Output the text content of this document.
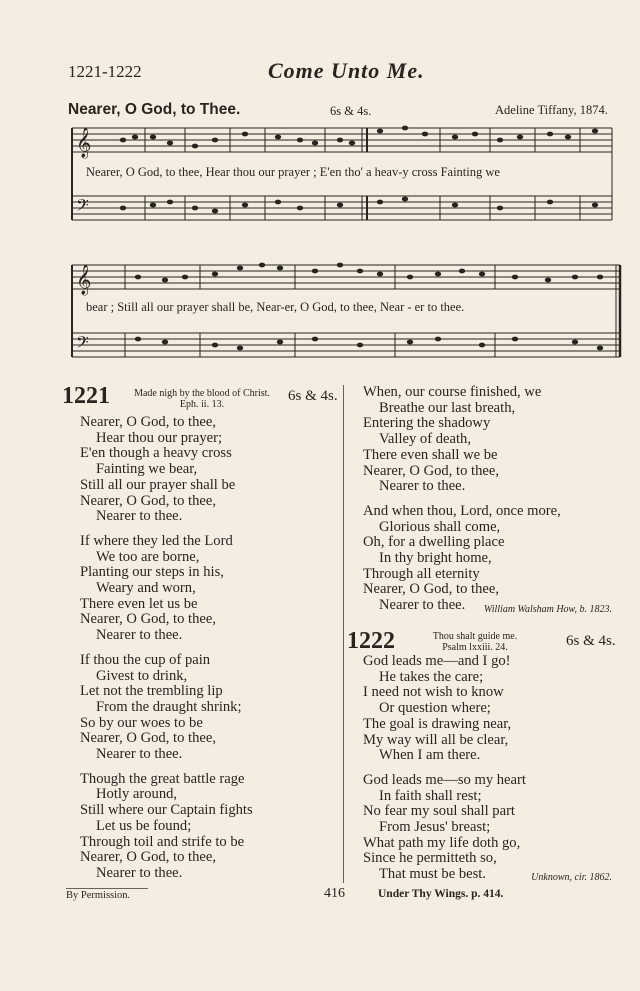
1221-1222	Come Unto Me.
Nearer, O God, to Thee.	6s & 4s.	Adeline Tiffany, 1874.
𝄞
𝄢
Nearer, O God, to thee, Hear thou our prayer ; E'en tho' a heav-y cross Fainting we
𝄞
𝄢
bear ; Still all our prayer shall be, Near-er, O God, to thee, Near - er to thee.
1221	Made nigh by the blood of Christ.
Eph. ii. 13.
6s & 4s.
Nearer, O God, to thee,
Hear thou our prayer;
E'en though a heavy cross
Fainting we bear,
Still all our prayer shall be
Nearer, O God, to thee,
Nearer to thee.
If where they led the Lord
We too are borne,
Planting our steps in his,
Weary and worn,
There even let us be
Nearer, O God, to thee,
Nearer to thee.
If thou the cup of pain
Givest to drink,
Let not the trembling lip
From the draught shrink;
So by our woes to be
Nearer, O God, to thee,
Nearer to thee.
Though the great battle rage
Hotly around,
Still where our Captain fights
Let us be found;
Through toil and strife to be
Nearer, O God, to thee,
Nearer to thee.
When, our course finished, we
Breathe our last breath,
Entering the shadowy
Valley of death,
There even shall we be
Nearer, O God, to thee,
Nearer to thee.
And when thou, Lord, once more,
Glorious shall come,
Oh, for a dwelling place
In thy bright home,
Through all eternity
Nearer, O God, to thee,
Nearer to thee.	William Walsham How, b. 1823.
1222	Thou shalt guide me.
Psalm lxxiii. 24.	6s & 4s.
God leads me—and I go!
He takes the care;
I need not wish to know
Or question where;
The goal is drawing near,
My way will all be clear,
When I am there.
God leads me—so my heart
In faith shall rest;
No fear my soul shall part
From Jesus' breast;
What path my life doth go,
Since he permitteth so,
That must be best.	Unknown, cir. 1862.
By Permission.	416	Under Thy Wings. p. 414.
